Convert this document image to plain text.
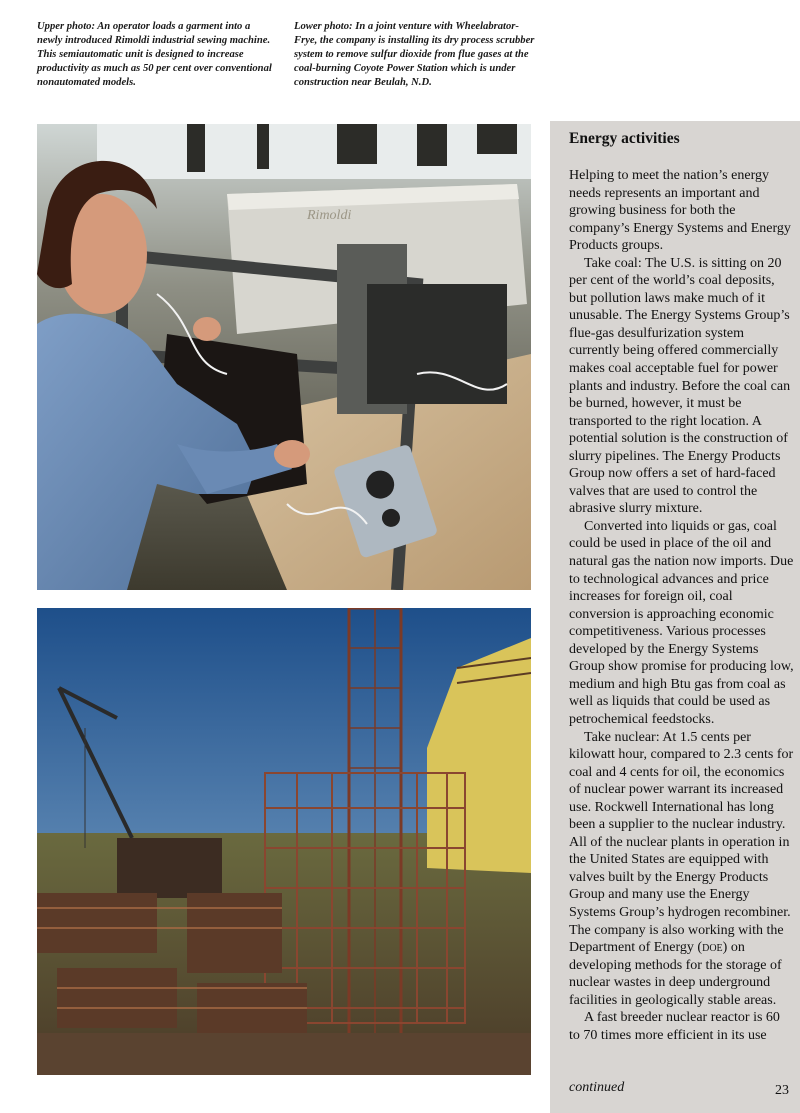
Upper photo: An operator loads a garment into a newly introduced Rimoldi industrial sewing machine. This semiautomatic unit is designed to increase productivity as much as 50 per cent over conventional nonautomated models.
Lower photo: In a joint venture with Wheelabrator-Frye, the company is installing its dry process scrubber system to remove sulfur dioxide from flue gases at the coal-burning Coyote Power Station which is under construction near Beulah, N.D.
Rimoldi
Energy activities

Helping to meet the nation’s energy needs represents an important and growing business for both the company’s Energy Systems and Energy Products groups.

Take coal: The U.S. is sitting on 20 per cent of the world’s coal deposits, but pollution laws make much of it unusable. The Energy Systems Group’s flue-gas desulfurization system currently being offered commercially makes coal acceptable fuel for power plants and industry. Before the coal can be burned, however, it must be transported to the right location. A potential solution is the construction of slurry pipelines. The Energy Products Group now offers a set of hard-faced valves that are used to control the abrasive slurry mixture.

Converted into liquids or gas, coal could be used in place of the oil and natural gas the nation now imports. Due to technological advances and price increases for foreign oil, coal conversion is approaching economic competitiveness. Various processes developed by the Energy Systems Group show promise for producing low, medium and high Btu gas from coal as well as liquids that could be used as petrochemical feedstocks.

Take nuclear: At 1.5 cents per kilowatt hour, compared to 2.3 cents for coal and 4 cents for oil, the economics of nuclear power warrant its increased use. Rockwell International has long been a supplier to the nuclear industry. All of the nuclear plants in operation in the United States are equipped with valves built by the Energy Products Group and many use the Energy Systems Group’s hydrogen recombiner. The company is also working with the Department of Energy (doe) on developing methods for the storage of nuclear wastes in deep underground facilities in geologically stable areas.

A fast breeder nuclear reactor is 60 to 70 times more efficient in its use

continued	23
